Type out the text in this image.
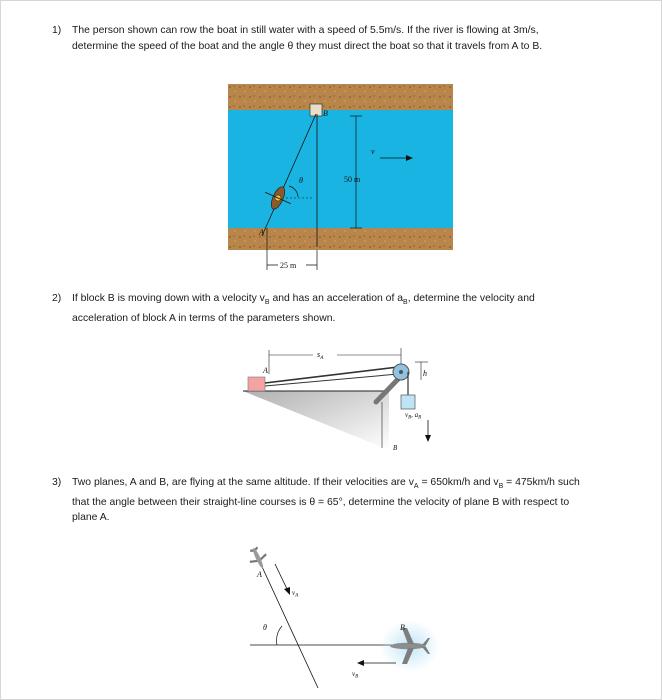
1) The person shown can row the boat in still water with a speed of 5.5m/s. If the river is flowing at 3m/s,
determine the speed of the boat and the angle θ they must direct the boat so that it travels from A to B.
B
50 m
v
θ
A
25 m
2) If block B is moving down with a velocity $v_B$ and has an acceleration of $a_B$, determine the velocity and
acceleration of block A in terms of the parameters shown.
$s_A$
A	h
$v_B$, $a_B$
B
3) Two planes, A and B, are flying at the same altitude. If their velocities are $v_A = 650km/h$ and $v_B = 475km/h$ such
that the angle between their straight-line courses is θ = 65°, determine the velocity of plane B with respect to
plane A.
A
$v_A$
θ	B
$v_B$
